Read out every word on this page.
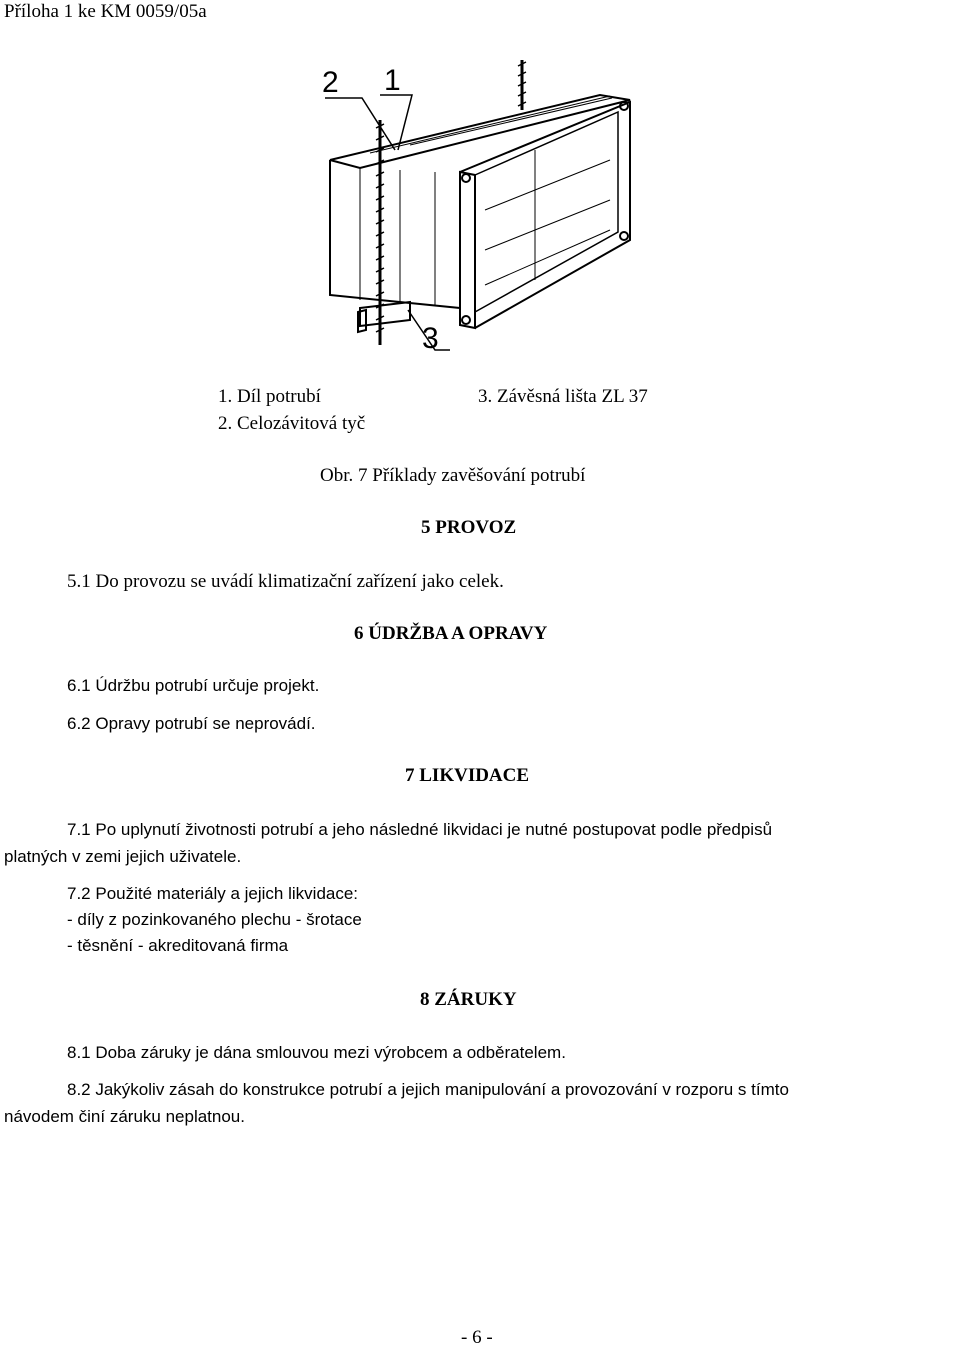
Příloha 1 ke KM 0059/05a
2 1
3
1. Díl potrubí	3. Závěsná lišta ZL 37
2. Celozávitová tyč
Obr. 7 Příklady zavěšování potrubí
5 PROVOZ
5.1 Do provozu se uvádí klimatizační zařízení jako celek.
6 ÚDRŽBA A OPRAVY
6.1 Údržbu potrubí určuje projekt.
6.2 Opravy potrubí se neprovádí.
7 LIKVIDACE
7.1 Po uplynutí životnosti potrubí a jeho následné likvidaci je nutné postupovat podle předpisů
platných v zemi jejich uživatele.
7.2 Použité materiály a jejich likvidace:
- díly z pozinkovaného plechu - šrotace
- těsnění - akreditovaná firma
8 ZÁRUKY
8.1 Doba záruky je dána smlouvou mezi výrobcem a odběratelem.
8.2 Jakýkoliv zásah do konstrukce potrubí a jejich manipulování a provozování v rozporu s tímto
návodem činí záruku neplatnou.
- 6 -
